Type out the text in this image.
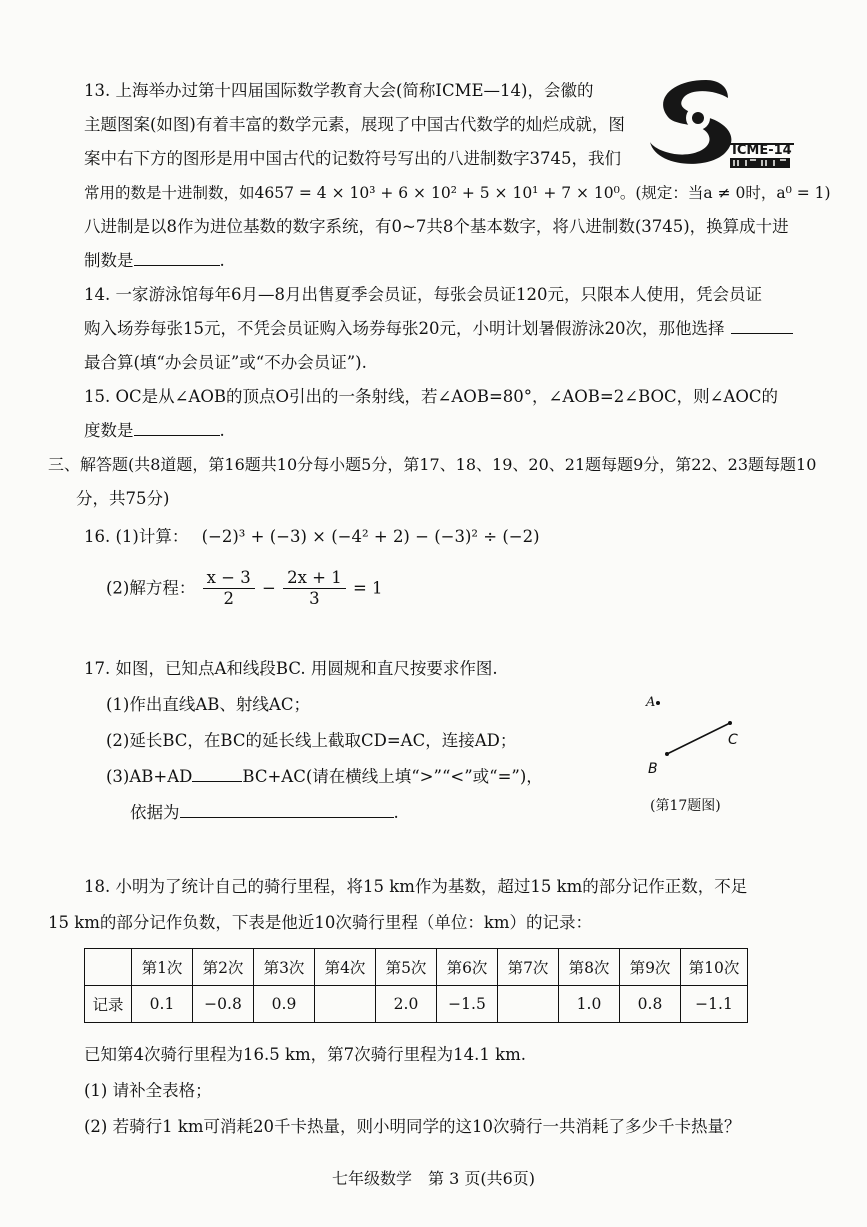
13. 上海举办过第十四届国际数学教育大会(简称ICME—14)，会徽的
主题图案(如图)有着丰富的数学元素，展现了中国古代数学的灿烂成就，图
案中右下方的图形是用中国古代的记数符号写出的八进制数字3745，我们
常用的数是十进制数，如4657 = 4 × 10³ + 6 × 10² + 5 × 10¹ + 7 × 10⁰。(规定：当a ≠ 0时，a⁰ = 1)
八进制是以8作为进位基数的数字系统，有0~7共8个基本数字，将八进制数(3745)，换算成十进
制数是	.
ICME-14
14. 一家游泳馆每年6月—8月出售夏季会员证，每张会员证120元，只限本人使用，凭会员证
购入场券每张15元，不凭会员证购入场券每张20元，小明计划暑假游泳20次，那他选择
最合算(填“办会员证”或“不办会员证”).
15. OC是从∠AOB的顶点O引出的一条射线，若∠AOB=80°，∠AOB=2∠BOC，则∠AOC的
度数是	.
三、解答题(共8道题，第16题共10分每小题5分，第17、18、19、20、21题每题9分，第22、23题每题10
分，共75分)
16. (1)计算： (−2)³ + (−3) × (−4² + 2) − (−3)² ÷ (−2)
(2)解方程： $\frac{x - 3}{2} - \frac{2x + 1}{3} = 1$
17. 如图，已知点A和线段BC. 用圆规和直尺按要求作图.
(1)作出直线AB、射线AC；
(2)延长BC，在BC的延长线上截取CD=AC，连接AD；
(3)AB+AD	BC+AC(请在横线上填“>”“<”或“=”)，
依据为	.
A
B
C
(第17题图)
18. 小明为了统计自己的骑行里程，将15 km作为基数，超过15 km的部分记作正数，不足
15 km的部分记作负数，下表是他近10次骑行里程（单位：km）的记录：
	第1次	第2次	第3次	第4次	第5次	第6次	第7次	第8次	第9次	第10次
记录	0.1	−0.8	0.9		2.0	−1.5		1.0	0.8	−1.1
已知第4次骑行里程为16.5 km，第7次骑行里程为14.1 km.
(1) 请补全表格；
(2) 若骑行1 km可消耗20千卡热量，则小明同学的这10次骑行一共消耗了多少千卡热量？
七年级数学　第 3 页(共6页)
